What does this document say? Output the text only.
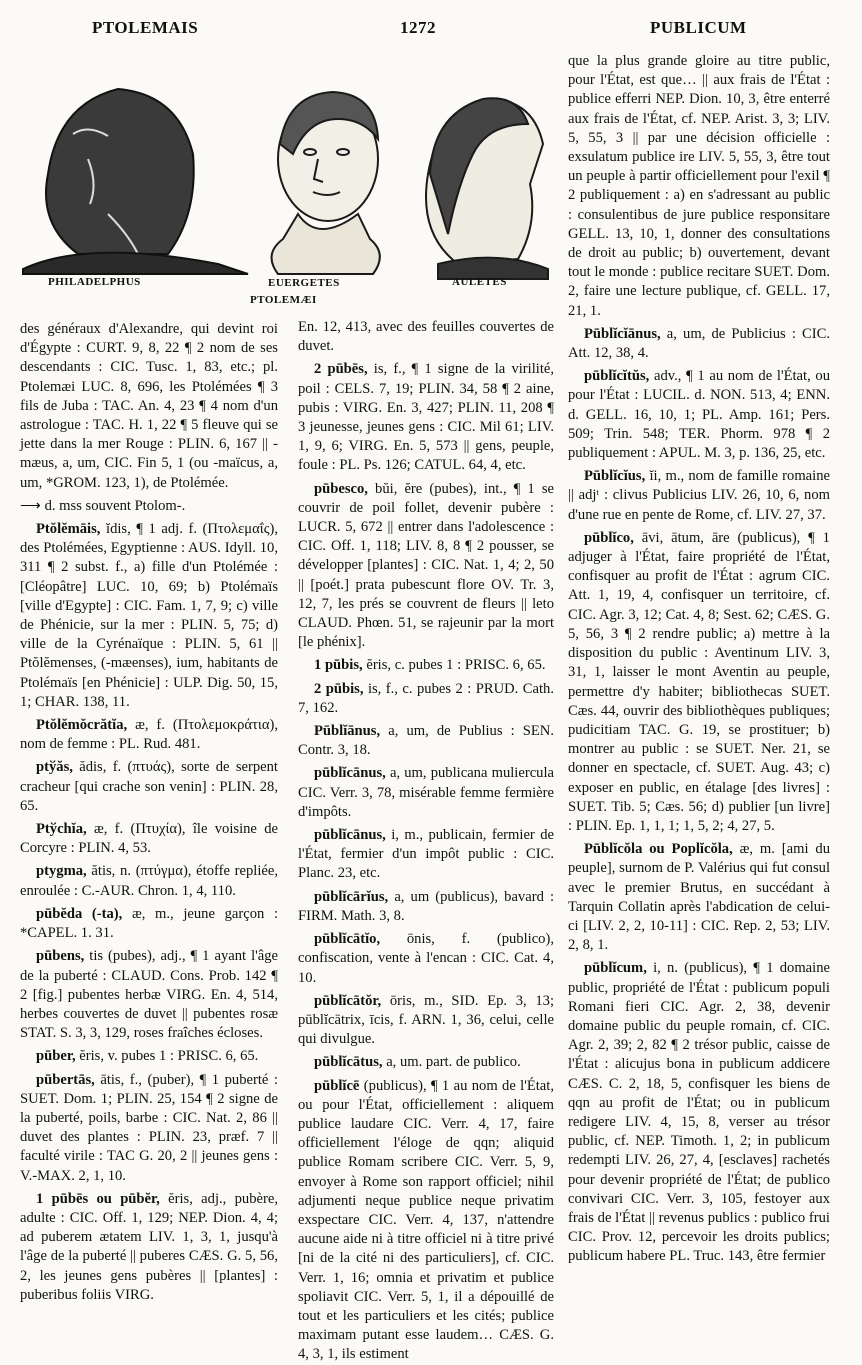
PTOLEMAIS	1272	PUBLICUM
PHILADELPHUS	EUERGETES	AULETES
PTOLEMÆI

des généraux d'Alexandre, qui devint roi d'Égypte : CURT. 9, 8, 22 ¶ 2 nom de ses descendants : CIC. Tusc. 1, 83, etc.; pl. Ptolemæi LUC. 8, 696, les Ptolémées ¶ 3 fils de Juba : TAC. An. 4, 23 ¶ 4 nom d'un astrologue : TAC. H. 1, 22 ¶ 5 fleuve qui se jette dans la mer Rouge : PLIN. 6, 167 || -mæus, a, um, CIC. Fin 5, 1 (ou -maïcus, a, um, *GROM. 123, 1), de Ptolémée.

⟶ d. mss souvent Ptolom-.

Ptŏlĕmāis, ĭdis, ¶ 1 adj. f. (Πτολεμαΐς), des Ptolémées, Egyptienne : AUS. Idyll. 10, 311 ¶ 2 subst. f., a) fille d'un Ptolémée : [Cléopâtre] LUC. 10, 69; b) Ptolémaïs [ville d'Egypte] : CIC. Fam. 1, 7, 9; c) ville de Phénicie, sur la mer : PLIN. 5, 75; d) ville de la Cyrénaïque : PLIN. 5, 61 || Ptŏlĕmenses, (-mæenses), ium, habitants de Ptolémaïs [en Phénicie] : ULP. Dig. 50, 15, 1; CHAR. 138, 11.

Ptŏlĕmŏcrătĭa, æ, f. (Πτολεμοκράτια), nom de femme : PL. Rud. 481.

ptўăs, ădis, f. (πτυάς), sorte de serpent cracheur [qui crache son venin] : PLIN. 28, 65.

Ptўchĭa, æ, f. (Πτυχία), île voisine de Corcyre : PLIN. 4, 53.

ptygma, ătis, n. (πτύγμα), étoffe repliée, enroulée : C.-AUR. Chron. 1, 4, 110.

pūbĕda (-ta), æ, m., jeune garçon : *CAPEL. 1. 31.

pūbens, tis (pubes), adj., ¶ 1 ayant l'âge de la puberté : CLAUD. Cons. Prob. 142 ¶ 2 [fig.] pubentes herbæ VIRG. En. 4, 514, herbes couvertes de duvet || pubentes rosæ STAT. S. 3, 3, 129, roses fraîches écloses.

pūber, ĕris, v. pubes 1 : PRISC. 6, 65.

pūbertās, ātis, f., (puber), ¶ 1 puberté : SUET. Dom. 1; PLIN. 25, 154 ¶ 2 signe de la puberté, poils, barbe : CIC. Nat. 2, 86 || duvet des plantes : PLIN. 23, præf. 7 || faculté virile : TAC G. 20, 2 || jeunes gens : V.-MAX. 2, 1, 10.

1 pūbēs ou pūbĕr, ĕris, adj., pubère, adulte : CIC. Off. 1, 129; NEP. Dion. 4, 4; ad puberem ætatem LIV. 1, 3, 1, jusqu'à l'âge de la puberté || puberes CÆS. G. 5, 56, 2, les jeunes gens pubères || [plantes] : puberibus foliis VIRG.

En. 12, 413, avec des feuilles couvertes de duvet.

2 pūbēs, is, f., ¶ 1 signe de la virilité, poil : CELS. 7, 19; PLIN. 34, 58 ¶ 2 aine, pubis : VIRG. En. 3, 427; PLIN. 11, 208 ¶ 3 jeunesse, jeunes gens : CIC. Mil 61; LIV. 1, 9, 6; VIRG. En. 5, 573 || gens, peuple, foule : PL. Ps. 126; CATUL. 64, 4, etc.

pūbesco, bŭi, ĕre (pubes), int., ¶ 1 se couvrir de poil follet, devenir pubère : LUCR. 5, 672 || entrer dans l'adolescence : CIC. Off. 1, 118; LIV. 8, 8 ¶ 2 pousser, se développer [plantes] : CIC. Nat. 1, 4; 2, 50 || [poét.] prata pubescunt flore OV. Tr. 3, 12, 7, les prés se couvrent de fleurs || leto CLAUD. Phœn. 51, se rajeunir par la mort [le phénix].

1 pūbis, ĕris, c. pubes 1 : PRISC. 6, 65.

2 pūbis, is, f., c. pubes 2 : PRUD. Cath. 7, 162.

Pūblĭānus, a, um, de Publius : SEN. Contr. 3, 18.

pūblĭcānus, a, um, publicana muliercula CIC. Verr. 3, 78, misérable femme fermière d'impôts.

pūblĭcānus, i, m., publicain, fermier de l'État, fermier d'un impôt public : CIC. Planc. 23, etc.

pūblĭcārĭus, a, um (publicus), bavard : FIRM. Math. 3, 8.

pūblĭcātĭo, ōnis, f. (publico), confiscation, vente à l'encan : CIC. Cat. 4, 10.

pūblĭcātŏr, ōris, m., SID. Ep. 3, 13; pūblĭcātrix, īcis, f. ARN. 1, 36, celui, celle qui divulgue.

pūblĭcātus, a, um. part. de publico.

pūblĭcē (publicus), ¶ 1 au nom de l'État, ou pour l'État, officiellement : aliquem publice laudare CIC. Verr. 4, 17, faire officiellement l'éloge de qqn; aliquid publice Romam scribere CIC. Verr. 5, 9, envoyer à Rome son rapport officiel; nihil adjumenti neque publice neque privatim exspectare CIC. Verr. 4, 137, n'attendre aucune aide ni à titre officiel ni à titre privé [ni de la cité ni des particuliers], cf. CIC. Verr. 1, 16; omnia et privatim et publice spoliavit CIC. Verr. 5, 1, il a dépouillé de tout et les particuliers et les cités; publice maximam putant esse laudem… CÆS. G. 4, 3, 1, ils estiment

que la plus grande gloire au titre public, pour l'État, est que… || aux frais de l'État : publice efferri NEP. Dion. 10, 3, être enterré aux frais de l'État, cf. NEP. Arist. 3, 3; LIV. 5, 55, 3 || par une décision officielle : exsulatum publice ire LIV. 5, 55, 3, être tout un peuple à partir officiellement pour l'exil ¶ 2 publiquement : a) en s'adressant au public : consulentibus de jure publice responsitare GELL. 13, 10, 1, donner des consultations de droit au public; b) ouvertement, devant tout le monde : publice recitare SUET. Dom. 2, faire une lecture publique, cf. GELL. 17, 21, 1.

Pūblĭcĭānus, a, um, de Publicius : CIC. Att. 12, 38, 4.

pūblĭcĭtŭs, adv., ¶ 1 au nom de l'État, ou pour l'État : LUCIL. d. NON. 513, 4; ENN. d. GELL. 16, 10, 1; PL. Amp. 161; Pers. 509; Trin. 548; TER. Phorm. 978 ¶ 2 publiquement : APUL. M. 3, p. 136, 25, etc.

Pūblĭcĭus, ĭi, m., nom de famille romaine || adjᵗ : clivus Publicius LIV. 26, 10, 6, nom d'une rue en pente de Rome, cf. LIV. 27, 37.

pūblĭco, āvi, ātum, āre (publicus), ¶ 1 adjuger à l'État, faire propriété de l'État, confisquer au profit de l'État : agrum CIC. Att. 1, 19, 4, confisquer un territoire, cf. CIC. Agr. 3, 12; Cat. 4, 8; Sest. 62; CÆS. G. 5, 56, 3 ¶ 2 rendre public; a) mettre à la disposition du public : Aventinum LIV. 3, 31, 1, laisser le mont Aventin au peuple, permettre d'y habiter; bibliothecas SUET. Cæs. 44, ouvrir des bibliothèques publiques; pudicitiam TAC. G. 19, se prostituer; b) montrer au public : se SUET. Ner. 21, se donner en spectacle, cf. SUET. Aug. 43; c) exposer en public, en étalage [des livres] : SUET. Tib. 5; Cæs. 56; d) publier [un livre] : PLIN. Ep. 1, 1, 1; 1, 5, 2; 4, 27, 5.

Pūblĭcŏla ou Poplĭcŏla, æ, m. [ami du peuple], surnom de P. Valérius qui fut consul avec le premier Brutus, en succédant à Tarquin Collatin après l'abdication de celui-ci [LIV. 2, 2, 10-11] : CIC. Rep. 2, 53; LIV. 2, 8, 1.

pūblĭcum, i, n. (publicus), ¶ 1 domaine public, propriété de l'État : publicum populi Romani fieri CIC. Agr. 2, 38, devenir domaine public du peuple romain, cf. CIC. Agr. 2, 39; 2, 82 ¶ 2 trésor public, caisse de l'État : alicujus bona in publicum addicere CÆS. C. 2, 18, 5, confisquer les biens de qqn au profit de l'État; ou in publicum redigere LIV. 4, 15, 8, verser au trésor public, cf. NEP. Timoth. 1, 2; in publicum redempti LIV. 26, 27, 4, [esclaves] rachetés pour devenir propriété de l'État; de publico convivari CIC. Verr. 3, 105, festoyer aux frais de l'État || revenus publics : publico frui CIC. Prov. 12, percevoir les droits publics; publicum habere PL. Truc. 143, être fermier
